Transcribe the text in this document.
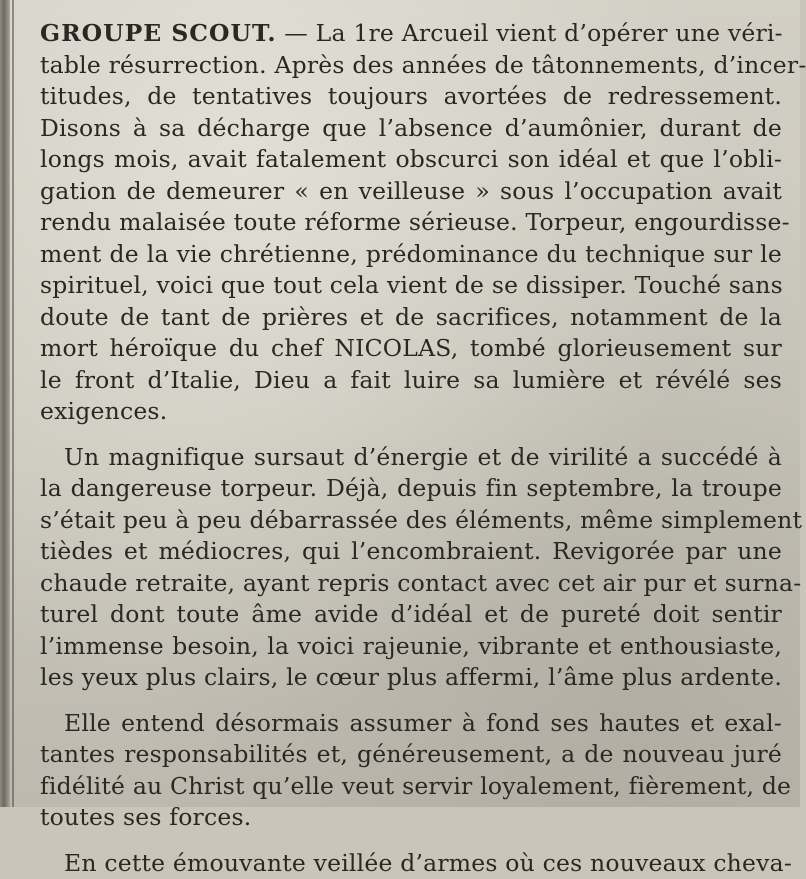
GROUPE SCOUT. — La 1re Arcueil vient d’opérer une véri-
table résurrection. Après des années de tâtonnements, d’incer-
titudes, de tentatives toujours avortées de redressement.
Disons à sa décharge que l’absence d’aumônier, durant de
longs mois, avait fatalement obscurci son idéal et que l’obli-
gation de demeurer « en veilleuse » sous l’occupation avait
rendu malaisée toute réforme sérieuse. Torpeur, engourdisse-
ment de la vie chrétienne, prédominance du technique sur le
spirituel, voici que tout cela vient de se dissiper. Touché sans
doute de tant de prières et de sacrifices, notamment de la
mort héroïque du chef NICOLAS, tombé glorieusement sur
le front d’Italie, Dieu a fait luire sa lumière et révélé ses
exigences.
Un magnifique sursaut d’énergie et de virilité a succédé à
la dangereuse torpeur. Déjà, depuis fin septembre, la troupe
s’était peu à peu débarrassée des éléments, même simplement
tièdes et médiocres, qui l’encombraient. Revigorée par une
chaude retraite, ayant repris contact avec cet air pur et surna-
turel dont toute âme avide d’idéal et de pureté doit sentir
l’immense besoin, la voici rajeunie, vibrante et enthousiaste,
les yeux plus clairs, le cœur plus affermi, l’âme plus ardente.
Elle entend désormais assumer à fond ses hautes et exal-
tantes responsabilités et, généreusement, a de nouveau juré
fidélité au Christ qu’elle veut servir loyalement, fièrement, de
toutes ses forces.
En cette émouvante veillée d’armes où ces nouveaux cheva-
